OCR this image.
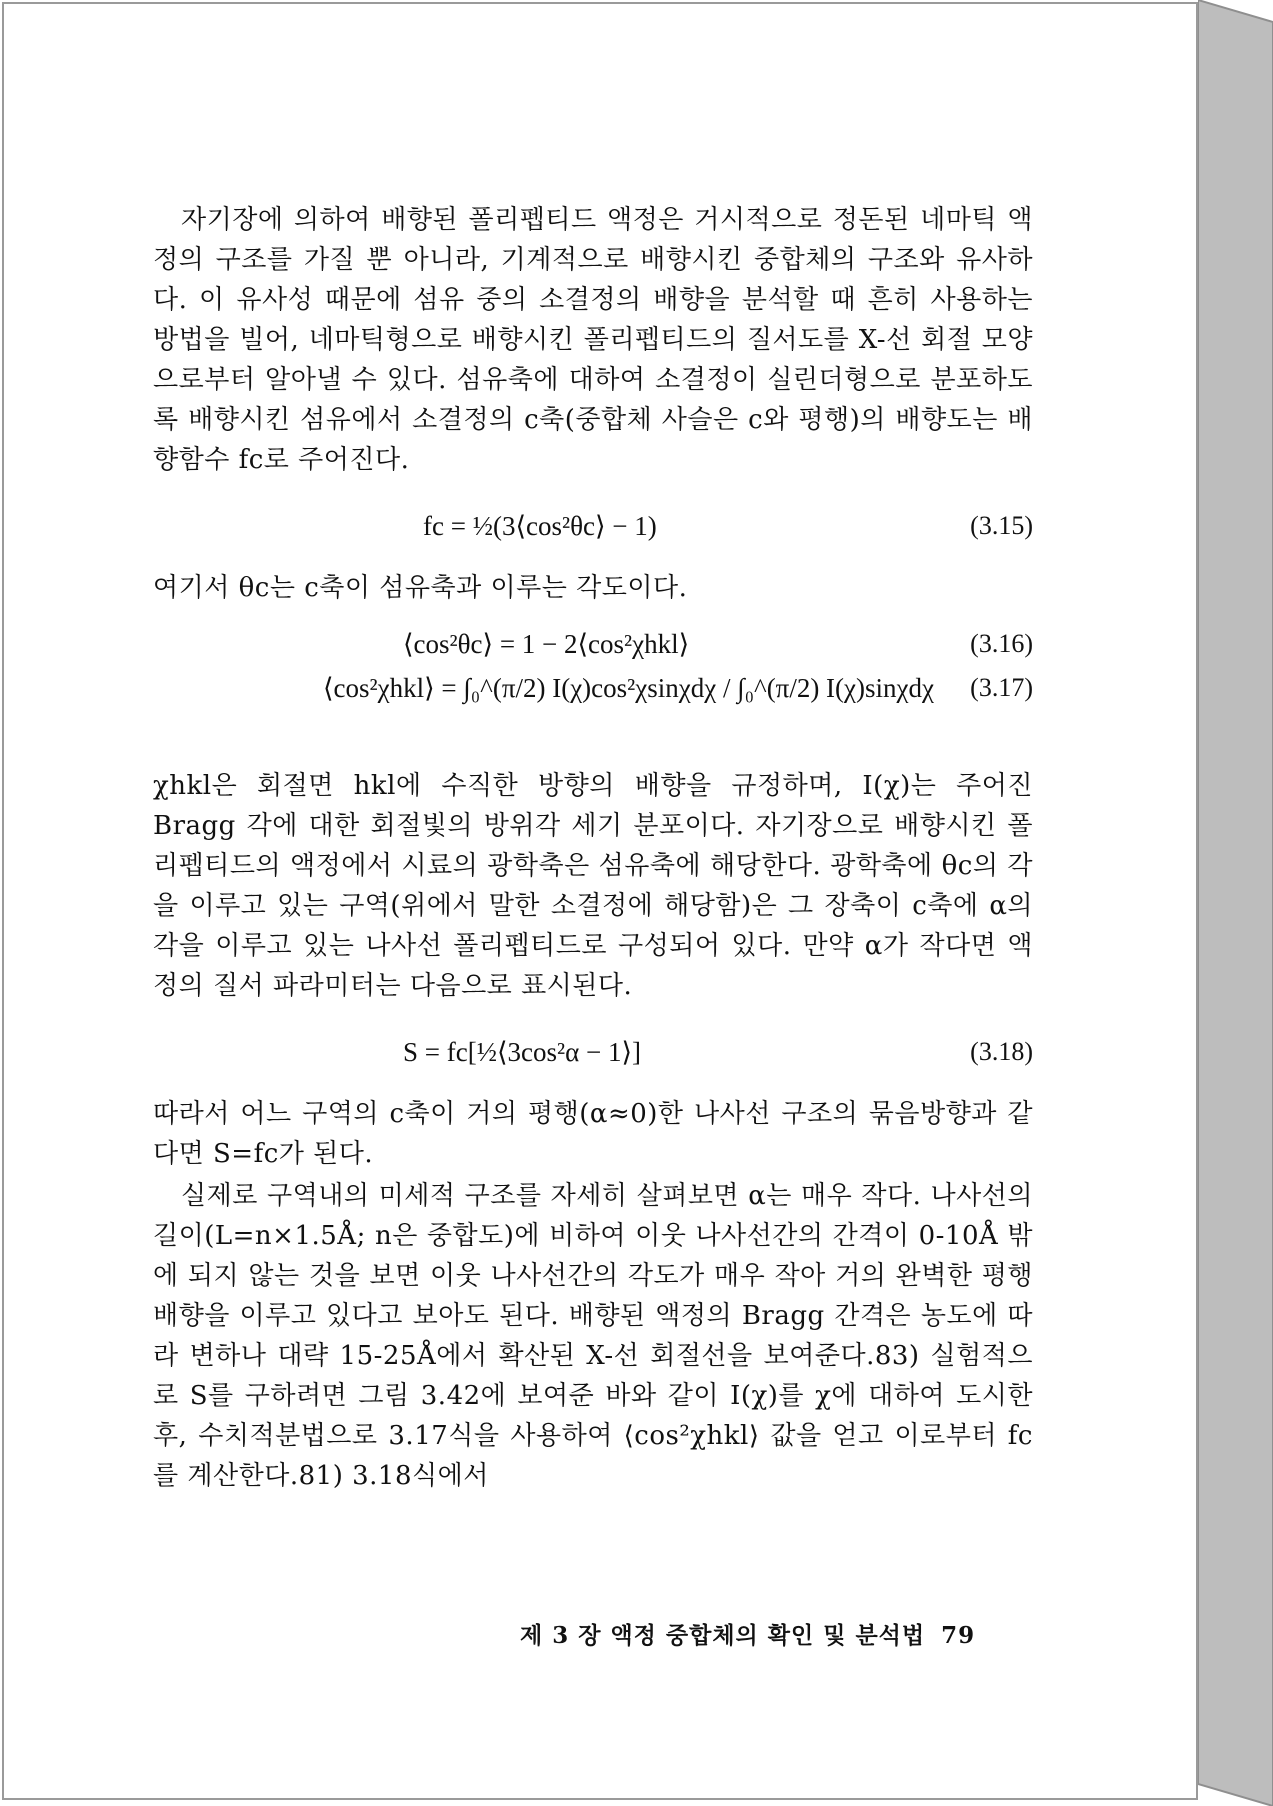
자기장에 의하여 배향된 폴리펩티드 액정은 거시적으로 정돈된 네마틱 액정의 구조를 가질 뿐 아니라, 기계적으로 배향시킨 중합체의 구조와 유사하다. 이 유사성 때문에 섬유 중의 소결정의 배향을 분석할 때 흔히 사용하는 방법을 빌어, 네마틱형으로 배향시킨 폴리펩티드의 질서도를 X-선 회절 모양으로부터 알아낼 수 있다. 섬유축에 대하여 소결정이 실린더형으로 분포하도록 배향시킨 섬유에서 소결정의 c축(중합체 사슬은 c와 평행)의 배향도는 배향함수 fc로 주어진다.

fc = ½(3⟨cos²θc⟩ − 1)	(3.15)

여기서 θc는 c축이 섬유축과 이루는 각도이다.

⟨cos²θc⟩ = 1 − 2⟨cos²χhkl⟩	(3.16)
⟨cos²χhkl⟩ = ∫₀^(π/2) I(χ)cos²χsinχdχ / ∫₀^(π/2) I(χ)sinχdχ (3.17)

χhkl은 회절면 hkl에 수직한 방향의 배향을 규정하며, I(χ)는 주어진 Bragg 각에 대한 회절빛의 방위각 세기 분포이다. 자기장으로 배향시킨 폴리펩티드의 액정에서 시료의 광학축은 섬유축에 해당한다. 광학축에 θc의 각을 이루고 있는 구역(위에서 말한 소결정에 해당함)은 그 장축이 c축에 α의 각을 이루고 있는 나사선 폴리펩티드로 구성되어 있다. 만약 α가 작다면 액정의 질서 파라미터는 다음으로 표시된다.

S = fc[½⟨3cos²α − 1⟩]	(3.18)

따라서 어느 구역의 c축이 거의 평행(α≈0)한 나사선 구조의 묶음방향과 같다면 S=fc가 된다.

실제로 구역내의 미세적 구조를 자세히 살펴보면 α는 매우 작다. 나사선의 길이(L=n×1.5Å; n은 중합도)에 비하여 이웃 나사선간의 간격이 0-10Å 밖에 되지 않는 것을 보면 이웃 나사선간의 각도가 매우 작아 거의 완벽한 평행 배향을 이루고 있다고 보아도 된다. 배향된 액정의 Bragg 간격은 농도에 따라 변하나 대략 15-25Å에서 확산된 X-선 회절선을 보여준다.83) 실험적으로 S를 구하려면 그림 3.42에 보여준 바와 같이 I(χ)를 χ에 대하여 도시한 후, 수치적분법으로 3.17식을 사용하여 ⟨cos²χhkl⟩ 값을 얻고 이로부터 fc를 계산한다.81) 3.18식에서

제 3 장 액정 중합체의 확인 및 분석법 79
